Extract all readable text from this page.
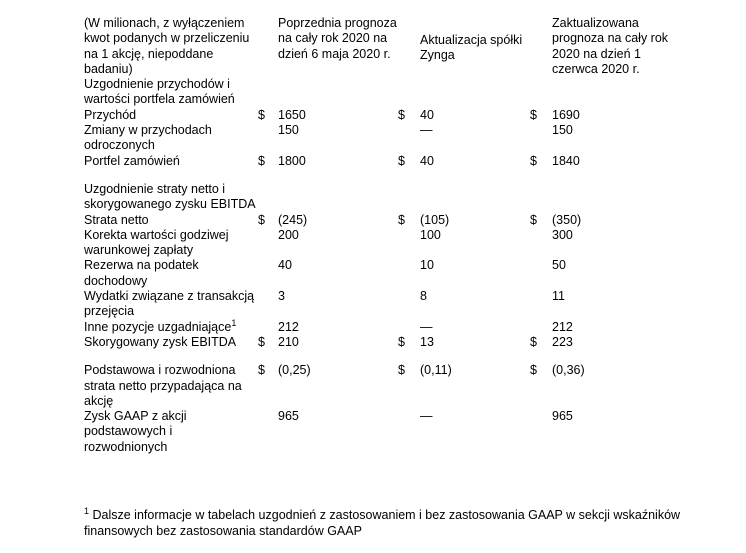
(W milionach, z wyłączeniem kwot podanych w przeliczeniu na 1 akcję, niepoddane badaniu)		Poprzednia prognoza na cały rok 2020 na dzień 6 maja 2020 r.		Aktualizacja spółki Zynga		Zaktualizowana prognoza na cały rok 2020 na dzień 1 czerwca 2020 r.
Uzgodnienie przychodów i wartości portfela zamówień						
Przychód	$	1650	$	40	$	1690
Zmiany w przychodach odroczonych		150		—		150
Portfel zamówień	$	1800	$	40	$	1840

Uzgodnienie straty netto i skorygowanego zysku EBITDA						
Strata netto	$	(245)	$	(105)	$	(350)
Korekta wartości godziwej warunkowej zapłaty		200		100		300
Rezerwa na podatek dochodowy		40		10		50
Wydatki związane z transakcją przejęcia		3		8		11
Inne pozycje uzgadniające$^1$		212		—		212
Skorygowany zysk EBITDA	$	210	$	13	$	223

Podstawowa i rozwodniona strata netto przypadająca na akcję	$	(0,25)	$	(0,11)	$	(0,36)
Zysk GAAP z akcji podstawowych i rozwodnionych		965		—		965
$^1$ Dalsze informacje w tabelach uzgodnień z zastosowaniem i bez zastosowania GAAP w sekcji wskaźników finansowych bez zastosowania standardów GAAP
